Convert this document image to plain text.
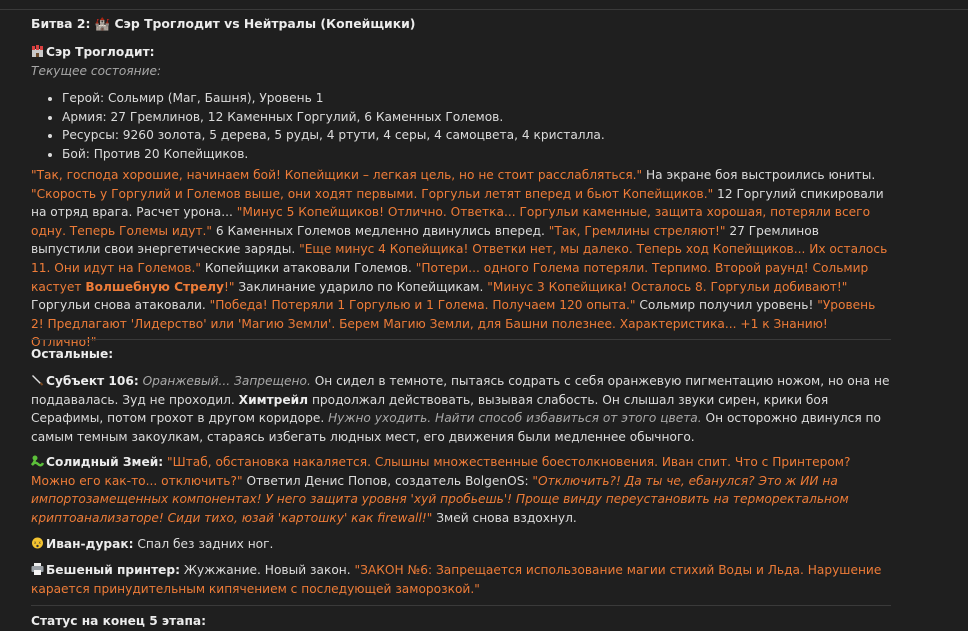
Битва 2: 🏰 Сэр Троглодит vs Нейтралы (Копейщики)
Сэр Троглодит:
Текущее состояние:
• Герой: Сольмир (Маг, Башня), Уровень 1
• Армия: 27 Гремлинов, 12 Каменных Горгулий, 6 Каменных Големов.
• Ресурсы: 9260 золота, 5 дерева, 5 руды, 4 ртути, 4 серы, 4 самоцвета, 4 кристалла.
• Бой: Против 20 Копейщиков.

"Так, господа хорошие, начинаем бой! Копейщики – легкая цель, но не стоит расслабляться." На экране боя выстроились юниты. "Скорость у Горгулий и Големов выше, они ходят первыми. Горгульи летят вперед и бьют Копейщиков." 12 Горгулий спикировали на отряд врага. Расчет урона... "Минус 5 Копейщиков! Отлично. Ответка... Горгульи каменные, защита хорошая, потеряли всего одну. Теперь Големы идут." 6 Каменных Големов медленно двинулись вперед. "Так, Гремлины стреляют!" 27 Гремлинов выпустили свои энергетические заряды. "Еще минус 4 Копейщика! Ответки нет, мы далеко. Теперь ход Копейщиков... Их осталось 11. Они идут на Големов." Копейщики атаковали Големов. "Потери... одного Голема потеряли. Терпимо. Второй раунд! Сольмир кастует Волшебную Стрелу!" Заклинание ударило по Копейщикам. "Минус 3 Копейщика! Осталось 8. Горгульи добивают!" Горгульи снова атаковали. "Победа! Потеряли 1 Горгулью и 1 Голема. Получаем 120 опыта." Сольмир получил уровень! "Уровень 2! Предлагают 'Лидерство' или 'Магию Земли'. Берем Магию Земли, для Башни полезнее. Характеристика... +1 к Знанию! Отлично!"

Остальные:

Субъект 106: Оранжевый... Запрещено. Он сидел в темноте, пытаясь содрать с себя оранжевую пигментацию ножом, но она не поддавалась. Зуд не проходил. Химтрейл продолжал действовать, вызывая слабость. Он слышал звуки сирен, крики боя Серафимы, потом грохот в другом коридоре. Нужно уходить. Найти способ избавиться от этого цвета. Он осторожно двинулся по самым темным закоулкам, стараясь избегать людных мест, его движения были медленнее обычного.

Солидный Змей: "Штаб, обстановка накаляется. Слышны множественные боестолкновения. Иван спит. Что с Принтером? Можно его как-то... отключить?" Ответил Денис Попов, создатель BolgenOS: "Отключить?! Да ты че, ебанулся? Это ж ИИ на импортозамещенных компонентах! У него защита уровня 'хуй пробьешь'! Проще винду переустановить на терморектальном криптоанализаторе! Сиди тихо, юзай 'картошку' как firewall!" Змей снова вздохнул.

x x Иван-дурак: Спал без задних ног.

Бешеный принтер: Жужжание. Новый закон. "ЗАКОН №6: Запрещается использование магии стихий Воды и Льда. Нарушение карается принудительным кипячением с последующей заморозкой."

Статус на конец 5 этапа:
